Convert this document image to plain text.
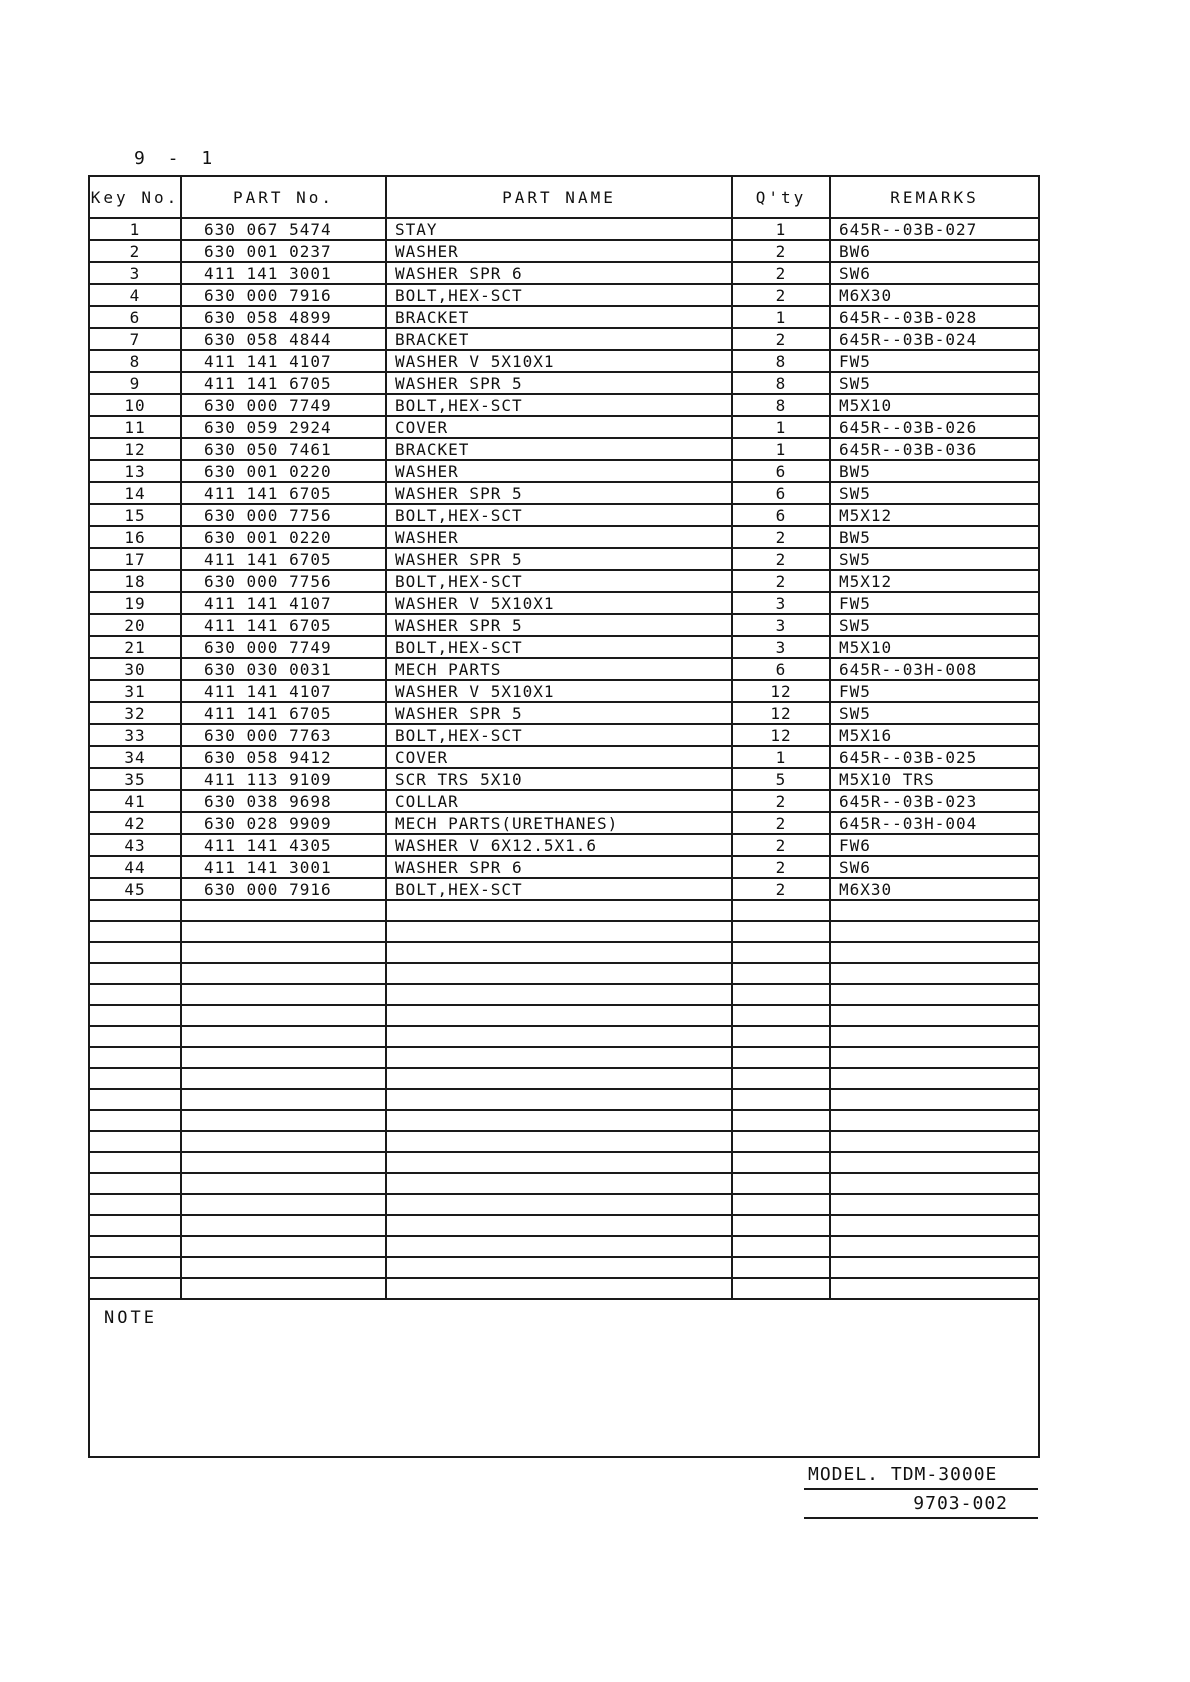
9 - 1
Key No.	PART No.	PART NAME	Q'ty	REMARKS
1	630 067 5474	STAY	1	645R--03B-027
2	630 001 0237	WASHER	2	BW6
3	411 141 3001	WASHER SPR 6	2	SW6
4	630 000 7916	BOLT,HEX-SCT	2	M6X30
6	630 058 4899	BRACKET	1	645R--03B-028
7	630 058 4844	BRACKET	2	645R--03B-024
8	411 141 4107	WASHER V 5X10X1	8	FW5
9	411 141 6705	WASHER SPR 5	8	SW5
10	630 000 7749	BOLT,HEX-SCT	8	M5X10
11	630 059 2924	COVER	1	645R--03B-026
12	630 050 7461	BRACKET	1	645R--03B-036
13	630 001 0220	WASHER	6	BW5
14	411 141 6705	WASHER SPR 5	6	SW5
15	630 000 7756	BOLT,HEX-SCT	6	M5X12
16	630 001 0220	WASHER	2	BW5
17	411 141 6705	WASHER SPR 5	2	SW5
18	630 000 7756	BOLT,HEX-SCT	2	M5X12
19	411 141 4107	WASHER V 5X10X1	3	FW5
20	411 141 6705	WASHER SPR 5	3	SW5
21	630 000 7749	BOLT,HEX-SCT	3	M5X10
30	630 030 0031	MECH PARTS	6	645R--03H-008
31	411 141 4107	WASHER V 5X10X1	12	FW5
32	411 141 6705	WASHER SPR 5	12	SW5
33	630 000 7763	BOLT,HEX-SCT	12	M5X16
34	630 058 9412	COVER	1	645R--03B-025
35	411 113 9109	SCR TRS 5X10	5	M5X10 TRS
41	630 038 9698	COLLAR	2	645R--03B-023
42	630 028 9909	MECH PARTS(URETHANES)	2	645R--03H-004
43	411 141 4305	WASHER V 6X12.5X1.6	2	FW6
44	411 141 3001	WASHER SPR 6	2	SW6
45	630 000 7916	BOLT,HEX-SCT	2	M6X30

NOTE				
MODEL. TDM-3000E
9703-002
